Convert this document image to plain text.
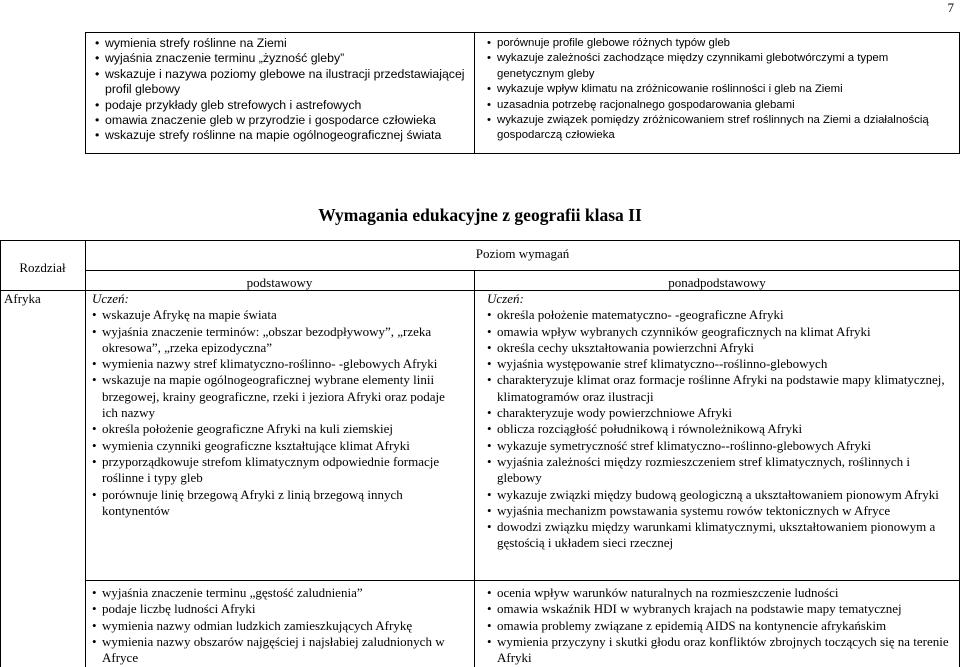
7
• wymienia strefy roślinne na Ziemi
• wyjaśnia znaczenie terminu „żyzność gleby”
• wskazuje i nazywa poziomy glebowe na ilustracji przedstawiającej profil glebowy
• podaje przykłady gleb strefowych i astrefowych
• omawia znaczenie gleb w przyrodzie i gospodarce człowieka
• wskazuje strefy roślinne na mapie ogólnogeograficznej świata
• porównuje profile glebowe różnych typów gleb
• wykazuje zależności zachodzące między czynnikami glebotwórczymi a typem genetycznym gleby
• wykazuje wpływ klimatu na zróżnicowanie roślinności i gleb na Ziemi
• uzasadnia potrzebę racjonalnego gospodarowania glebami
• wykazuje związek pomiędzy zróżnicowaniem stref roślinnych na Ziemi a działalnością gospodarczą człowieka
Wymagania edukacyjne z geografii klasa II
Rozdział
Poziom wymagań
podstawowy	ponadpodstawowy
Afryka	Uczeń:
• wskazuje Afrykę na mapie świata
• wyjaśnia znaczenie terminów: „obszar bezodpływowy”, „rzeka okresowa”, „rzeka epizodyczna”
• wymienia nazwy stref klimatyczno-roślinno- -glebowych Afryki
• wskazuje na mapie ogólnogeograficznej wybrane elementy linii brzegowej, krainy geograficzne, rzeki i jeziora Afryki oraz podaje ich nazwy
• określa położenie geograficzne Afryki na kuli ziemskiej
• wymienia czynniki geograficzne kształtujące klimat Afryki
• przyporządkowuje strefom klimatycznym odpowiednie formacje roślinne i typy gleb
• porównuje linię brzegową Afryki z linią brzegową innych kontynentów
Uczeń:
• określa położenie matematyczno- -geograficzne Afryki
• omawia wpływ wybranych czynników geograficznych na klimat Afryki
• określa cechy ukształtowania powierzchni Afryki
• wyjaśnia występowanie stref klimatyczno--roślinno-glebowych
• charakteryzuje klimat oraz formacje roślinne Afryki na podstawie mapy klimatycznej, klimatogramów oraz ilustracji
• charakteryzuje wody powierzchniowe Afryki
• oblicza rozciągłość południkową i równoleżnikową Afryki
• wykazuje symetryczność stref klimatyczno--roślinno-glebowych Afryki
• wyjaśnia zależności między rozmieszczeniem stref klimatycznych, roślinnych i glebowy
• wykazuje związki między budową geologiczną a ukształtowaniem pionowym Afryki
• wyjaśnia mechanizm powstawania systemu rowów tektonicznych w Afryce
• dowodzi związku między warunkami klimatycznymi, ukształtowaniem pionowym a gęstością i układem sieci rzecznej
• wyjaśnia znaczenie terminu „gęstość zaludnienia”
• podaje liczbę ludności Afryki
• wymienia nazwy odmian ludzkich zamieszkujących Afrykę
• wymienia nazwy obszarów najgęściej i najsłabiej zaludnionych w Afryce
• ocenia wpływ warunków naturalnych na rozmieszczenie ludności
• omawia wskaźnik HDI w wybranych krajach na podstawie mapy tematycznej
• omawia problemy związane z epidemią AIDS na kontynencie afrykańskim
• wymienia przyczyny i skutki głodu oraz konfliktów zbrojnych toczących się na terenie Afryki
